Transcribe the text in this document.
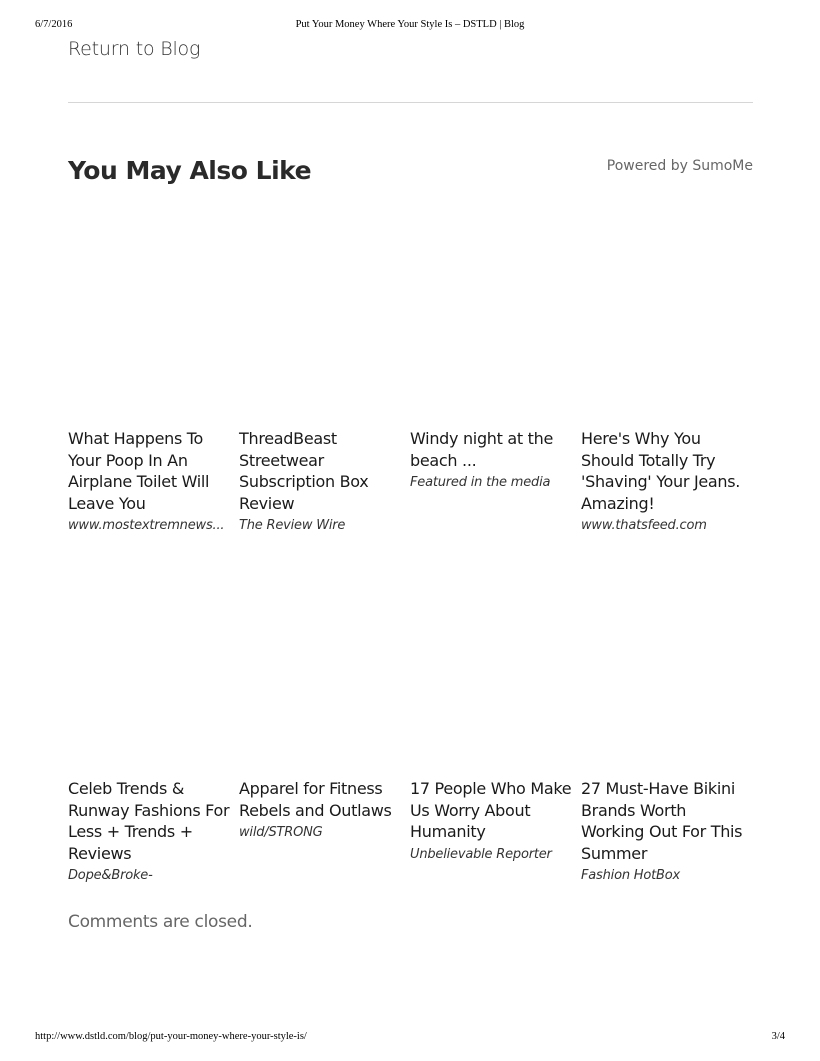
6/7/2016	Put Your Money Where Your Style Is – DSTLD | Blog
Return to Blog
You May Also Like	Powered by SumoMe
What Happens To Your Poop In An Airplane Toilet Will Leave You
www.mostextremnews...
ThreadBeast Streetwear Subscription Box Review
The Review Wire
Windy night at the beach ...
Featured in the media
Here's Why You Should Totally Try 'Shaving' Your Jeans. Amazing!
www.thatsfeed.com
Celeb Trends & Runway Fashions For Less + Trends + Reviews
Dope&Broke-
Apparel for Fitness Rebels and Outlaws
wild/STRONG
17 People Who Make Us Worry About Humanity
Unbelievable Reporter
27 Must-Have Bikini Brands Worth Working Out For This Summer
Fashion HotBox

Comments are closed.

http://www.dstld.com/blog/put-your-money-where-your-style-is/	3/4
